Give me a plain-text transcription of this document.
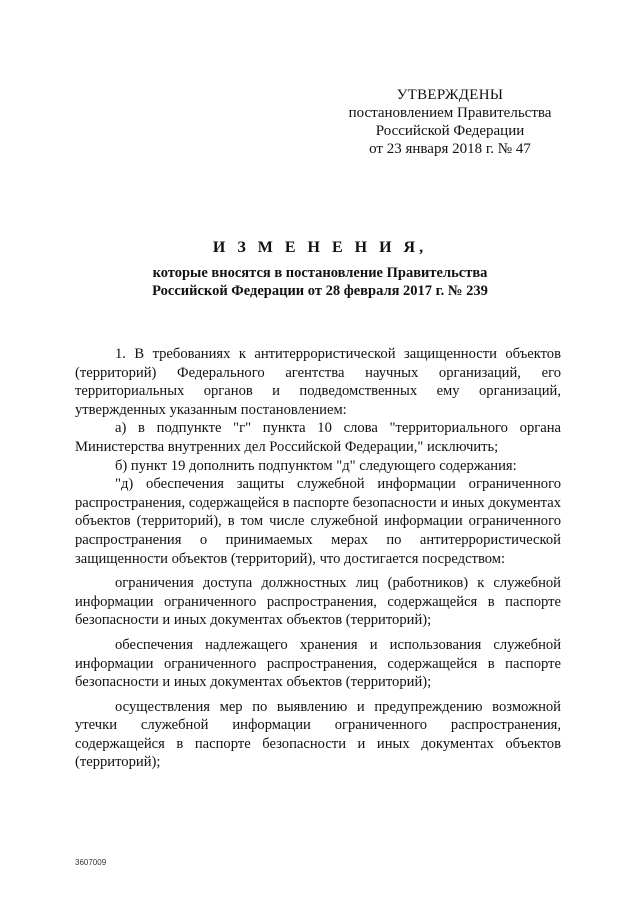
УТВЕРЖДЕНЫ
постановлением Правительства
Российской Федерации
от 23 января 2018 г. № 47
И З М Е Н Е Н И Я,
которые вносятся в постановление Правительства
Российской Федерации от 28 февраля 2017 г. № 239

1. В требованиях к антитеррористической защищенности объектов (территорий) Федерального агентства научных организаций, его территориальных органов и подведомственных ему организаций, утвержденных указанным постановлением:

а) в подпункте "г" пункта 10 слова "территориального органа Министерства внутренних дел Российской Федерации," исключить;

б) пункт 19 дополнить подпунктом "д" следующего содержания:

"д) обеспечения защиты служебной информации ограниченного распространения, содержащейся в паспорте безопасности и иных документах объектов (территорий), в том числе служебной информации ограниченного распространения о принимаемых мерах по антитеррористической защищенности объектов (территорий), что достигается посредством:

ограничения доступа должностных лиц (работников) к служебной информации ограниченного распространения, содержащейся в паспорте безопасности и иных документах объектов (территорий);

обеспечения надлежащего хранения и использования служебной информации ограниченного распространения, содержащейся в паспорте безопасности и иных документах объектов (территорий);

осуществления мер по выявлению и предупреждению возможной утечки служебной информации ограниченного распространения, содержащейся в паспорте безопасности и иных документах объектов (территорий);

3607009
